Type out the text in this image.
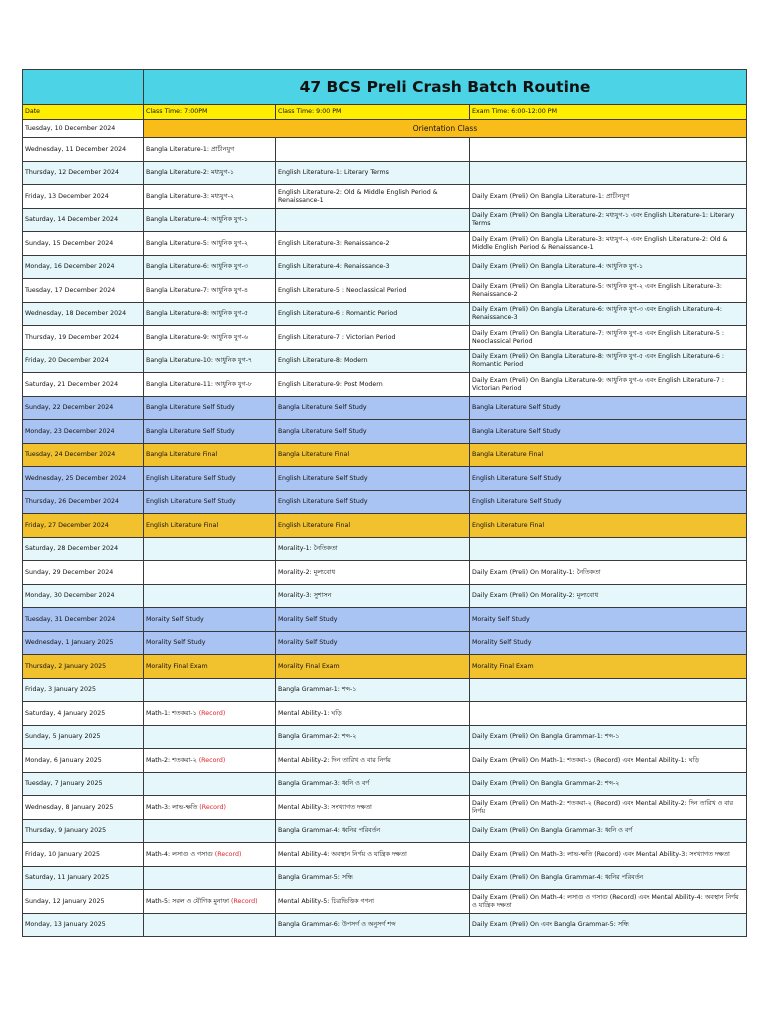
	47 BCS Preli Crash Batch Routine		
Date	Class Time: 7:00PM	Class Time: 9:00 PM	Exam Time: 6:00-12:00 PM
Tuesday, 10 December 2024	Orientation Class		
Wednesday, 11 December 2024	Bangla Literature-1: প্রাচীনযুগ		
Thursday, 12 December 2024	Bangla Literature-2: মধ্যযুগ-১	English Literature-1: Literary Terms	
Friday, 13 December 2024	Bangla Literature-3: মধ্যযুগ-২	English Literature-2: Old & Middle English Period & Renaissance-1	Daily Exam (Preli) On Bangla Literature-1: প্রাচীনযুগ
Saturday, 14 December 2024	Bangla Literature-4: আধুনিক যুগ-১		Daily Exam (Preli) On Bangla Literature-2: মধ্যযুগ-১ এবং English Literature-1: Literary Terms
Sunday, 15 December 2024	Bangla Literature-5: আধুনিক যুগ-২	English Literature-3: Renaissance-2	Daily Exam (Preli) On Bangla Literature-3: মধ্যযুগ-২ এবং English Literature-2: Old & Middle English Period & Renaissance-1
Monday, 16 December 2024	Bangla Literature-6: আধুনিক যুগ-৩	English Literature-4: Renaissance-3	Daily Exam (Preli) On Bangla Literature-4: আধুনিক যুগ-১
Tuesday, 17 December 2024	Bangla Literature-7: আধুনিক যুগ-৪	English Literature-5 : Neoclassical Period	Daily Exam (Preli) On Bangla Literature-5: আধুনিক যুগ-২ এবং English Literature-3: Renaissance-2
Wednesday, 18 December 2024	Bangla Literature-8: আধুনিক যুগ-৫	English Literature-6 : Romantic Period	Daily Exam (Preli) On Bangla Literature-6: আধুনিক যুগ-৩ এবং English Literature-4: Renaissance-3
Thursday, 19 December 2024	Bangla Literature-9: আধুনিক যুগ-৬	English Literature-7 : Victorian Period	Daily Exam (Preli) On Bangla Literature-7: আধুনিক যুগ-৪ এবং English Literature-5 : Neoclassical Period
Friday, 20 December 2024	Bangla Literature-10: আধুনিক যুগ-৭	English Literature-8: Modern	Daily Exam (Preli) On Bangla Literature-8: আধুনিক যুগ-৫ এবং English Literature-6 : Romantic Period
Saturday, 21 December 2024	Bangla Literature-11: আধুনিক যুগ-৮	English Literature-9: Post Modern	Daily Exam (Preli) On Bangla Literature-9: আধুনিক যুগ-৬ এবং English Literature-7 : Victorian Period
Sunday, 22 December 2024	Bangla Literature Self Study	Bangla Literature Self Study	Bangla Literature Self Study
Monday, 23 December 2024	Bangla Literature Self Study	Bangla Literature Self Study	Bangla Literature Self Study
Tuesday, 24 December 2024	Bangla Literature Final	Bangla Literature Final	Bangla Literature Final
Wednesday, 25 December 2024	English Literature Self Study	English Literature Self Study	English Literature Self Study
Thursday, 26 December 2024	English Literature Self Study	English Literature Self Study	English Literature Self Study
Friday, 27 December 2024	English Literature Final	English Literature Final	English Literature Final
Saturday, 28 December 2024		Morality-1: নৈতিকতা	
Sunday, 29 December 2024		Morality-2: মূল্যবোধ	Daily Exam (Preli) On Morality-1: নৈতিকতা
Monday, 30 December 2024		Morality-3: সুশাসন	Daily Exam (Preli) On Morality-2: মূল্যবোধ
Tuesday, 31 December 2024	Moraity Self Study	Morality Self Study	Moraity Self Study
Wednesday, 1 January 2025	Morality Self Study	Morality Self Study	Morality Self Study
Thursday, 2 January 2025	Morality Final Exam	Morality Final Exam	Morality Final Exam
Friday, 3 January 2025		Bangla Grammar-1: শব্দ-১	
Saturday, 4 January 2025	Math-1: শতকরা-১ (Record)	Mental Ability-1: ঘড়ি	
Sunday, 5 January 2025		Bangla Grammar-2: শব্দ-২	Daily Exam (Preli) On Bangla Grammar-1: শব্দ-১
Monday, 6 January 2025	Math-2: শতকরা-২ (Record)	Mental Ability-2: দিন তারিখ ও বার নির্ণয়	Daily Exam (Preli) On Math-1: শতকরা-১ (Record) এবং Mental Ability-1: ঘড়ি
Tuesday, 7 January 2025		Bangla Grammar-3: ধ্বনি ও বর্ণ	Daily Exam (Preli) On Bangla Grammar-2: শব্দ-২
Wednesday, 8 January 2025	Math-3: লাভ-ক্ষতি (Record)	Mental Ability-3: সংখ্যাগত দক্ষতা	Daily Exam (Preli) On Math-2: শতকরা-২ (Record) এবং Mental Ability-2: দিন তারিখ ও বার নির্ণয়
Thursday, 9 January 2025		Bangla Grammar-4: ধ্বনির পরিবর্তন	Daily Exam (Preli) On Bangla Grammar-3: ধ্বনি ও বর্ণ
Friday, 10 January 2025	Math-4: লসাগু ও গসাগু (Record)	Mental Ability-4: অবস্থান নির্ণয় ও যান্ত্রিক দক্ষতা	Daily Exam (Preli) On Math-3: লাভ-ক্ষতি (Record) এবং Mental Ability-3: সংখ্যাগত দক্ষতা
Saturday, 11 January 2025		Bangla Grammar-5: সন্ধি	Daily Exam (Preli) On Bangla Grammar-4: ধ্বনির পরিবর্তন
Sunday, 12 January 2025	Math-5: সরল ও যৌগিক মুনাফা (Record)	Mental Ability-5: চিত্রভিত্তিক গণনা	Daily Exam (Preli) On Math-4: লসাগু ও গসাগু (Record) এবং Mental Ability-4: অবস্থান নির্ণয় ও যান্ত্রিক দক্ষতা
Monday, 13 January 2025		Bangla Grammar-6: উপসর্গ ও অনুসর্গ শব্দ	Daily Exam (Preli) On এবং Bangla Grammar-5: সন্ধি
